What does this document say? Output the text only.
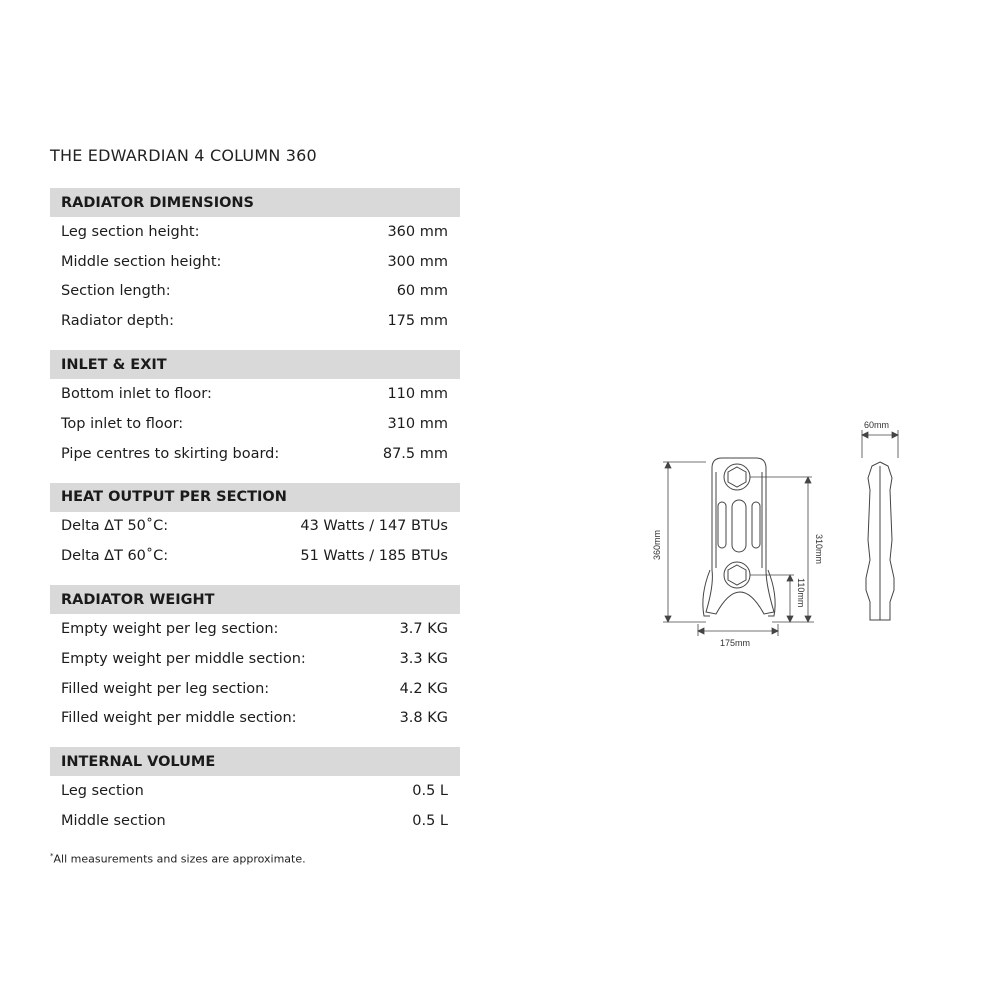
THE EDWARDIAN 4 COLUMN 360
RADIATOR DIMENSIONS
Leg section height:	360 mm
Middle section height:	300 mm
Section length:	60 mm
Radiator depth:	175 mm
INLET & EXIT
Bottom inlet to floor:	110 mm
Top inlet to floor:	310 mm
Pipe centres to skirting board:	87.5 mm
HEAT OUTPUT PER SECTION
Delta ∆T 50˚C:	43 Watts / 147 BTUs
Delta ∆T 60˚C:	51 Watts / 185 BTUs
RADIATOR WEIGHT
Empty weight per leg section:	3.7 KG
Empty weight per middle section:	3.3 KG
Filled weight per leg section:	4.2 KG
Filled weight per middle section:	3.8 KG
INTERNAL VOLUME
Leg section	0.5 L
Middle section	0.5 L
*All measurements and sizes are approximate.
360mm	310mm
110mm
175mm
60mm
